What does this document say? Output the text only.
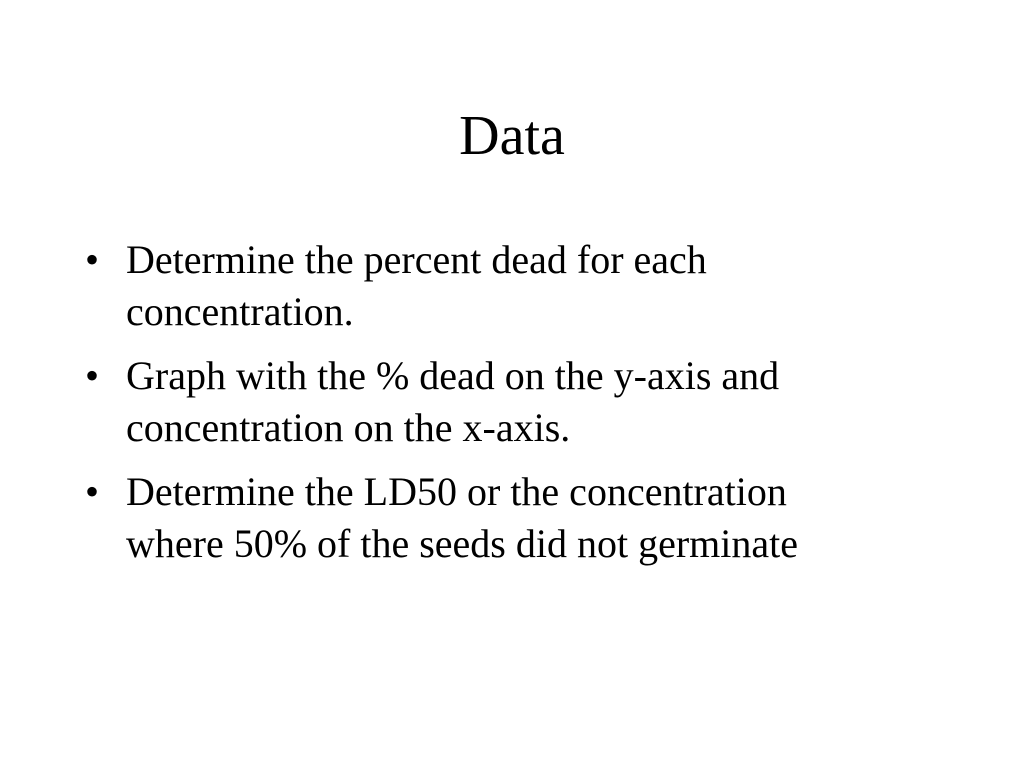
Data
• Determine the percent dead for each
concentration.
• Graph with the % dead on the y-axis and
concentration on the x-axis.
• Determine the LD50 or the concentration
where 50% of the seeds did not germinate
